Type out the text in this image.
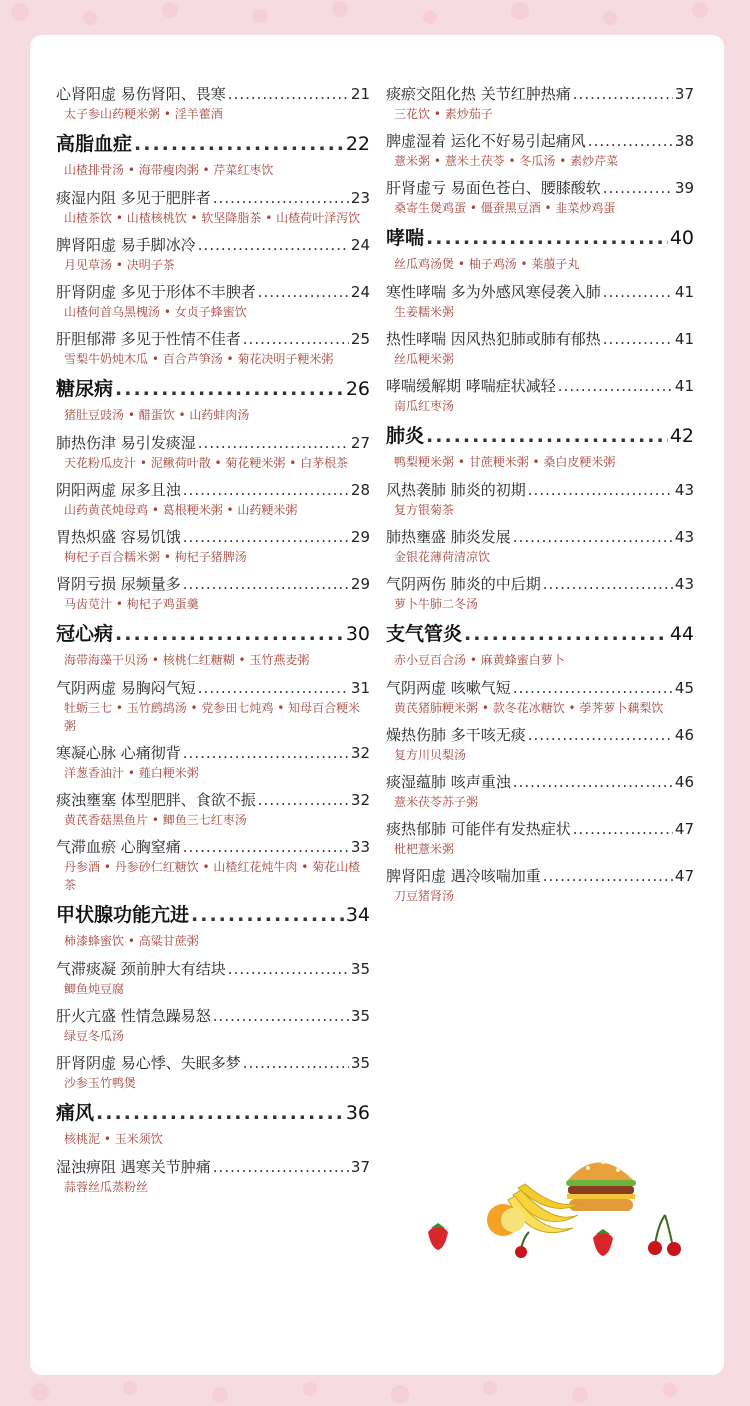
心肾阳虚 易伤肾阳、畏寒 .....	21
太子参山药粳米粥 • 淫羊藿酒
高脂血症 .....	22
山楂排骨汤 • 海带瘦肉粥 • 芹菜红枣饮
痰湿内阻 多见于肥胖者 .....	23
山楂茶饮 • 山楂核桃饮 • 软坚降脂茶 • 山楂荷叶泽泻饮
脾肾阳虚 易手脚冰冷 .....	24
月见草汤 • 决明子茶
肝肾阴虚 多见于形体不丰腴者 .....	24
山楂何首乌黑槐汤 • 女贞子蜂蜜饮
肝胆郁滞 多见于性情不佳者 .....	25
雪梨牛奶炖木瓜 • 百合芦笋汤 • 菊花决明子粳米粥
糖尿病 .....	26
猪肚豆豉汤 • 醋蛋饮 • 山药蚌肉汤
肺热伤津 易引发痰湿 .....	27
天花粉瓜皮汁 • 泥鳅荷叶散 • 菊花粳米粥 • 白茅根茶
阴阳两虚 尿多且浊 .....	28
山药黄芪炖母鸡 • 葛根粳米粥 • 山药粳米粥
胃热炽盛 容易饥饿 .....	29
枸杞子百合糯米粥 • 枸杞子猪脾汤
肾阴亏损 尿频量多 .....	29
马齿苋汁 • 枸杞子鸡蛋羹
冠心病 .....	30
海带海藻干贝汤 • 核桃仁红糖糊 • 玉竹燕麦粥
气阴两虚 易胸闷气短 .....	31
牡蛎三七 • 玉竹鹧鸪汤 • 党参田七炖鸡 • 知母百合粳米粥
寒凝心脉 心痛彻背 .....	32
洋葱香油汁 • 薤白粳米粥
痰浊壅塞 体型肥胖、食欲不振 .....	32
黄芪香菇黑鱼片 • 鲫鱼三七红枣汤
气滞血瘀 心胸窒痛 .....	33
丹参酒 • 丹参砂仁红糖饮 • 山楂红花炖牛肉 • 菊花山楂茶
甲状腺功能亢进 .....	34
柿漆蜂蜜饮 • 高粱甘蔗粥
气滞痰凝 颈前肿大有结块 .....	35
鲫鱼炖豆腐
肝火亢盛 性情急躁易怒 .....	35
绿豆冬瓜汤
肝肾阴虚 易心悸、失眠多梦 .....	35
沙参玉竹鸭煲
痛风 .....	36
核桃泥 • 玉米须饮
湿浊痹阻 遇寒关节肿痛 .....	37
蒜蓉丝瓜蒸粉丝
痰瘀交阻化热 关节红肿热痛 .....	37
三花饮 • 素炒茄子
脾虚湿着 运化不好易引起痛风 .....	38
薏米粥 • 薏米土茯苓 • 冬瓜汤 • 素炒芹菜
肝肾虚亏 易面色苍白、腰膝酸软 .....	39
桑寄生煲鸡蛋 • 僵蚕黑豆酒 • 韭菜炒鸡蛋
哮喘 .....	40
丝瓜鸡汤煲 • 柚子鸡汤 • 莱菔子丸
寒性哮喘 多为外感风寒侵袭入肺 .....	41
生姜糯米粥
热性哮喘 因风热犯肺或肺有郁热 .....	41
丝瓜粳米粥
哮喘缓解期 哮喘症状减轻 .....	41
南瓜红枣汤
肺炎 .....	42
鸭梨粳米粥 • 甘蔗粳米粥 • 桑白皮粳米粥
风热袭肺 肺炎的初期 .....	43
复方银菊茶
肺热壅盛 肺炎发展 .....	43
金银花薄荷清凉饮
气阴两伤 肺炎的中后期 .....	43
萝卜牛肺二冬汤
支气管炎 .....	44
赤小豆百合汤 • 麻黄蜂蜜白萝卜
气阴两虚 咳嗽气短 .....	45
黄芪猪肺粳米粥 • 款冬花冰糖饮 • 荸荠萝卜藕梨饮
燥热伤肺 多干咳无痰 .....	46
复方川贝梨汤
痰湿蕴肺 咳声重浊 .....	46
薏米茯苓苏子粥
痰热郁肺 可能伴有发热症状 .....	47
枇杷薏米粥
脾肾阳虚 遇冷咳喘加重 .....	47
刀豆猪肾汤
